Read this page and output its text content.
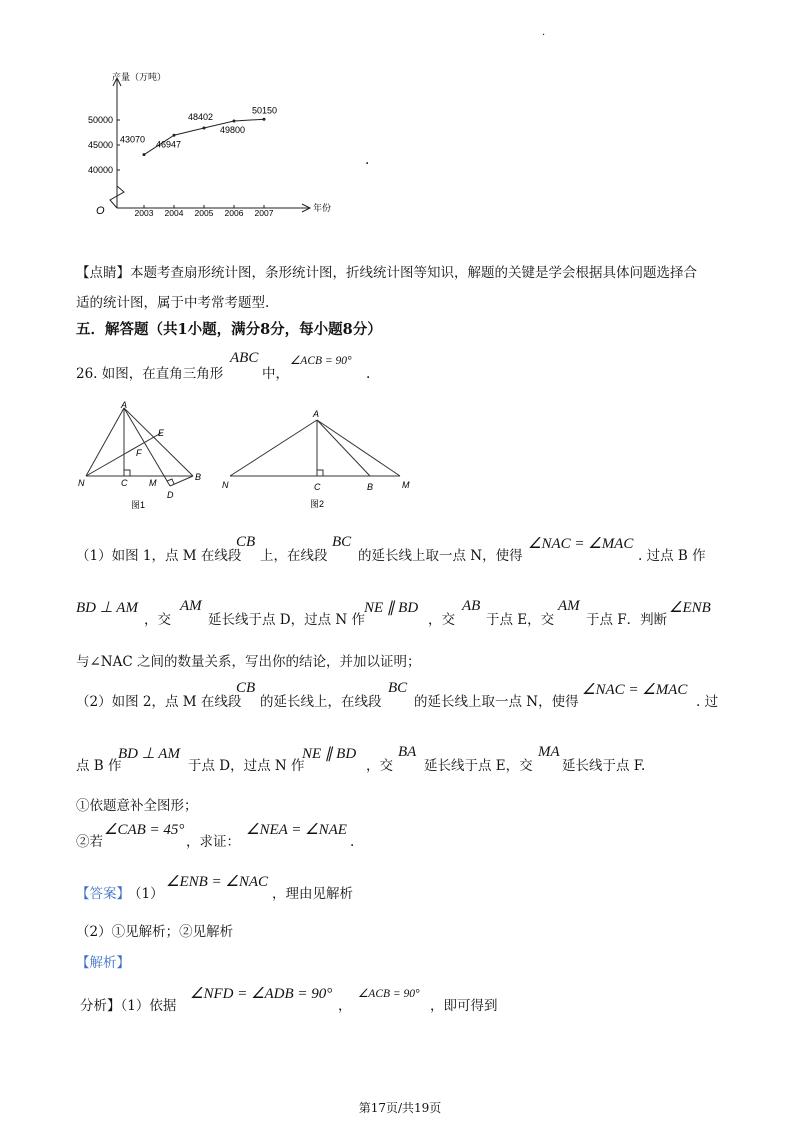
·
产量（万吨）
年份
O
40000
45000
50000
2003 2004 2005 2006 2007
43070 46947
48402
49800
50150
.
【点睛】本题考查扇形统计图，条形统计图，折线统计图等知识，解题的关键是学会根据具体问题选择合
适的统计图，属于中考常考题型.
五．解答题（共1小题，满分8分，每小题8分）
26. 如图，在直角三角形
ABC
中，
∠ACB = 90°
.
A
E
F
N	C M
B
D
图1
A
N	C	B	M
图2
（1）如图 1，点 M 在线段
CB
上，在线段
BC
的延长线上取一点 N，使得
∠NAC = ∠MAC
. 过点 B 作
BD ⊥ AM
，交
AM
延长线于点 D，过点 N 作
NE ∥ BD
，交
AB
于点 E，交
AM
于点 F．判断
∠ENB
与∠NAC 之间的数量关系，写出你的结论，并加以证明；
（2）如图 2，点 M 在线段
CB
的延长线上，在线段
BC
的延长线上取一点 N，使得
∠NAC = ∠MAC
. 过
点 B 作
BD ⊥ AM
于点 D，过点 N 作
NE ∥ BD
，交
BA
延长线于点 E，交
MA
延长线于点 F.
①依题意补全图形；
②若
∠CAB = 45°
，求证：
∠NEA = ∠NAE
.
【答案】
（1）
∠ENB = ∠NAC
，理由见解析
（2）①见解析；②见解析
【解析】
分析】（1）依据
∠NFD = ∠ADB = 90°
，
∠ACB = 90°
，即可得到
第17页/共19页
